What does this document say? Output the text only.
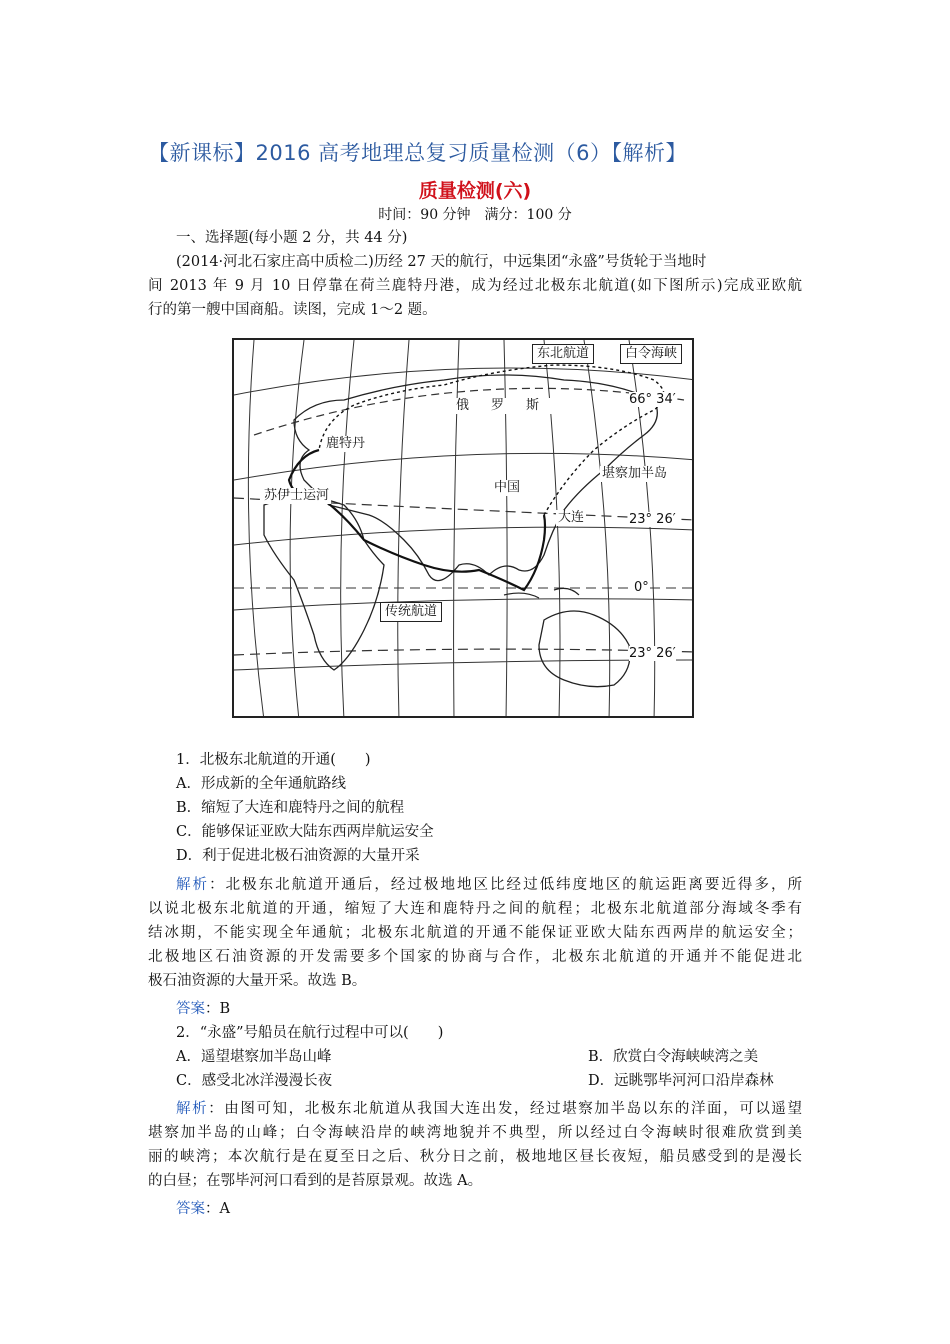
【新课标】2016 高考地理总复习质量检测（6）【解析】
质量检测(六)
时间：90 分钟　满分：100 分
一、选择题(每小题 2 分，共 44 分)
(2014·河北石家庄高中质检二)历经 27 天的航行，中远集团“永盛”号货轮于当地时
间 2013 年 9 月 10 日停靠在荷兰鹿特丹港，成为经过北极东北航道(如下图所示)完成亚欧航
行的第一艘中国商船。读图，完成 1～2 题。
东北航道	白令海峡
66° 34′
俄罗斯
鹿特丹
堪察加半岛
中国
苏伊士运河
大连	23° 26′
0°
传统航道
23° 26′
1．北极东北航道的开通(　　)
A．形成新的全年通航路线
B．缩短了大连和鹿特丹之间的航程
C．能够保证亚欧大陆东西两岸航运安全
D．利于促进北极石油资源的大量开采
解析：北极东北航道开通后，经过极地地区比经过低纬度地区的航运距离要近得多，所
以说北极东北航道的开通，缩短了大连和鹿特丹之间的航程；北极东北航道部分海域冬季有
结冰期，不能实现全年通航；北极东北航道的开通不能保证亚欧大陆东西两岸的航运安全；
北极地区石油资源的开发需要多个国家的协商与合作，北极东北航道的开通并不能促进北
极石油资源的大量开采。故选 B。
答案：B
2．“永盛”号船员在航行过程中可以(　　)
A．遥望堪察加半岛山峰	B．欣赏白令海峡峡湾之美
C．感受北冰洋漫漫长夜	D．远眺鄂毕河河口沿岸森林
解析：由图可知，北极东北航道从我国大连出发，经过堪察加半岛以东的洋面，可以遥望
堪察加半岛的山峰；白令海峡沿岸的峡湾地貌并不典型，所以经过白令海峡时很难欣赏到美
丽的峡湾；本次航行是在夏至日之后、秋分日之前，极地地区昼长夜短，船员感受到的是漫长
的白昼；在鄂毕河河口看到的是苔原景观。故选 A。
答案：A
